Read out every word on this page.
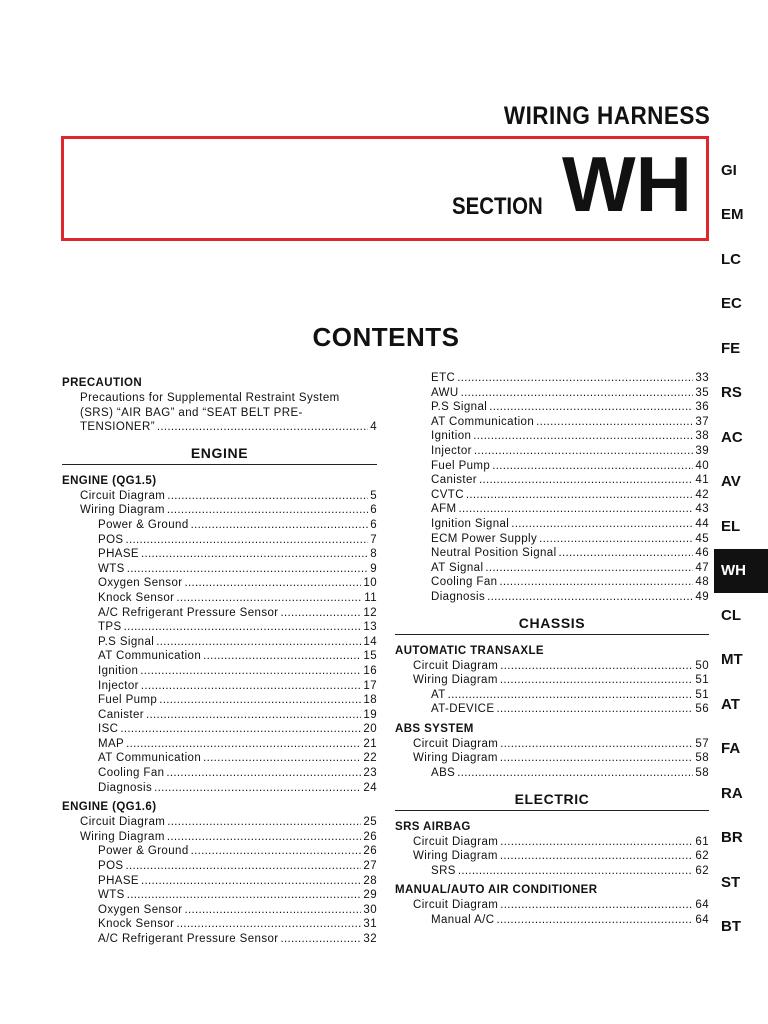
WIRING HARNESS
SECTION WH
CONTENTS
PRECAUTION
Precautions for Supplemental Restraint System
(SRS) “AIR BAG” and “SEAT BELT PRE-
TENSIONER” .....	4
ENGINE
ENGINE (QG1.5)
Circuit Diagram .....	5
Wiring Diagram .....	6
Power & Ground .....	6
POS .....	7
PHASE .....	8
WTS .....	9
Oxygen Sensor .....	10
Knock Sensor .....	11
A/C Refrigerant Pressure Sensor .....	12
TPS .....	13
P.S Signal .....	14
AT Communication .....	15
Ignition .....	16
Injector .....	17
Fuel Pump .....	18
Canister .....	19
ISC .....	20
MAP .....	21
AT Communication .....	22
Cooling Fan .....	23
Diagnosis .....	24
ENGINE (QG1.6)
Circuit Diagram .....	25
Wiring Diagram .....	26
Power & Ground .....	26
POS .....	27
PHASE .....	28
WTS .....	29
Oxygen Sensor .....	30
Knock Sensor .....	31
A/C Refrigerant Pressure Sensor .....	32
ETC .....	33
AWU .....	35
P.S Signal .....	36
AT Communication .....	37
Ignition .....	38
Injector .....	39
Fuel Pump .....	40
Canister .....	41
CVTC .....	42
AFM .....	43
Ignition Signal .....	44
ECM Power Supply .....	45
Neutral Position Signal .....	46
AT Signal .....	47
Cooling Fan .....	48
Diagnosis .....	49
CHASSIS
AUTOMATIC TRANSAXLE
Circuit Diagram .....	50
Wiring Diagram .....	51
AT .....	51
AT-DEVICE .....	56
ABS SYSTEM
Circuit Diagram .....	57
Wiring Diagram .....	58
ABS .....	58
ELECTRIC
SRS AIRBAG
Circuit Diagram .....	61
Wiring Diagram .....	62
SRS .....	62
MANUAL/AUTO AIR CONDITIONER
Circuit Diagram .....	64
Manual A/C .....	64
GI
EM
LC
EC
FE
RS
AC
AV
EL
WH
CL
MT
AT
FA
RA
BR
ST
BT
